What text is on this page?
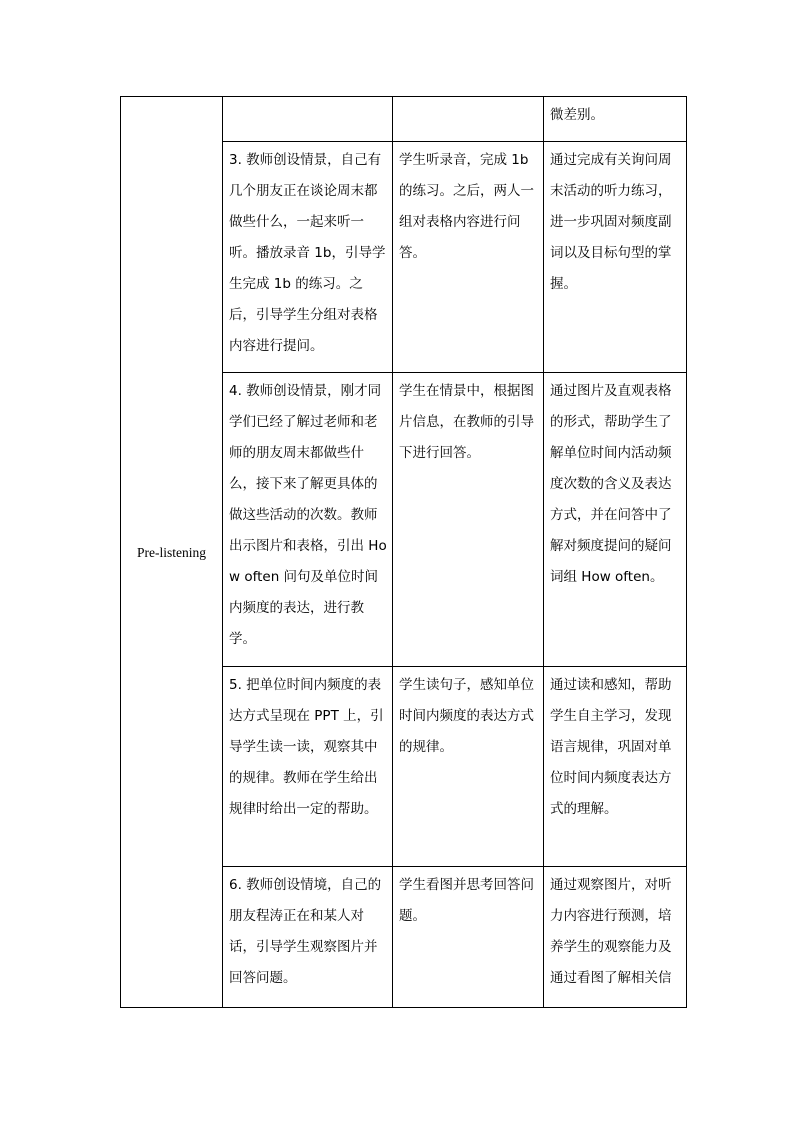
Pre-listening			微差别。
	3. 教师创设情景，自己有几个朋友正在谈论周末都做些什么，一起来听一听。播放录音 1b，引导学生完成 1b 的练习。之后，引导学生分组对表格内容进行提问。	学生听录音，完成 1b 的练习。之后，两人一组对表格内容进行问答。	通过完成有关询问周末活动的听力练习，进一步巩固对频度副词以及目标句型的掌握。
	4. 教师创设情景，刚才同学们已经了解过老师和老师的朋友周末都做些什么，接下来了解更具体的做这些活动的次数。教师出示图片和表格，引出 How often 问句及单位时间内频度的表达，进行教学。	学生在情景中，根据图片信息，在教师的引导下进行回答。	通过图片及直观表格的形式，帮助学生了解单位时间内活动频度次数的含义及表达方式，并在问答中了解对频度提问的疑问词组 How often。
	5. 把单位时间内频度的表达方式呈现在 PPT 上，引导学生读一读，观察其中的规律。教师在学生给出规律时给出一定的帮助。	学生读句子，感知单位时间内频度的表达方式的规律。	通过读和感知，帮助学生自主学习，发现语言规律，巩固对单位时间内频度表达方式的理解。
	6. 教师创设情境，自己的朋友程涛正在和某人对话，引导学生观察图片并回答问题。	学生看图并思考回答问题。	通过观察图片，对听力内容进行预测，培养学生的观察能力及通过看图了解相关信
